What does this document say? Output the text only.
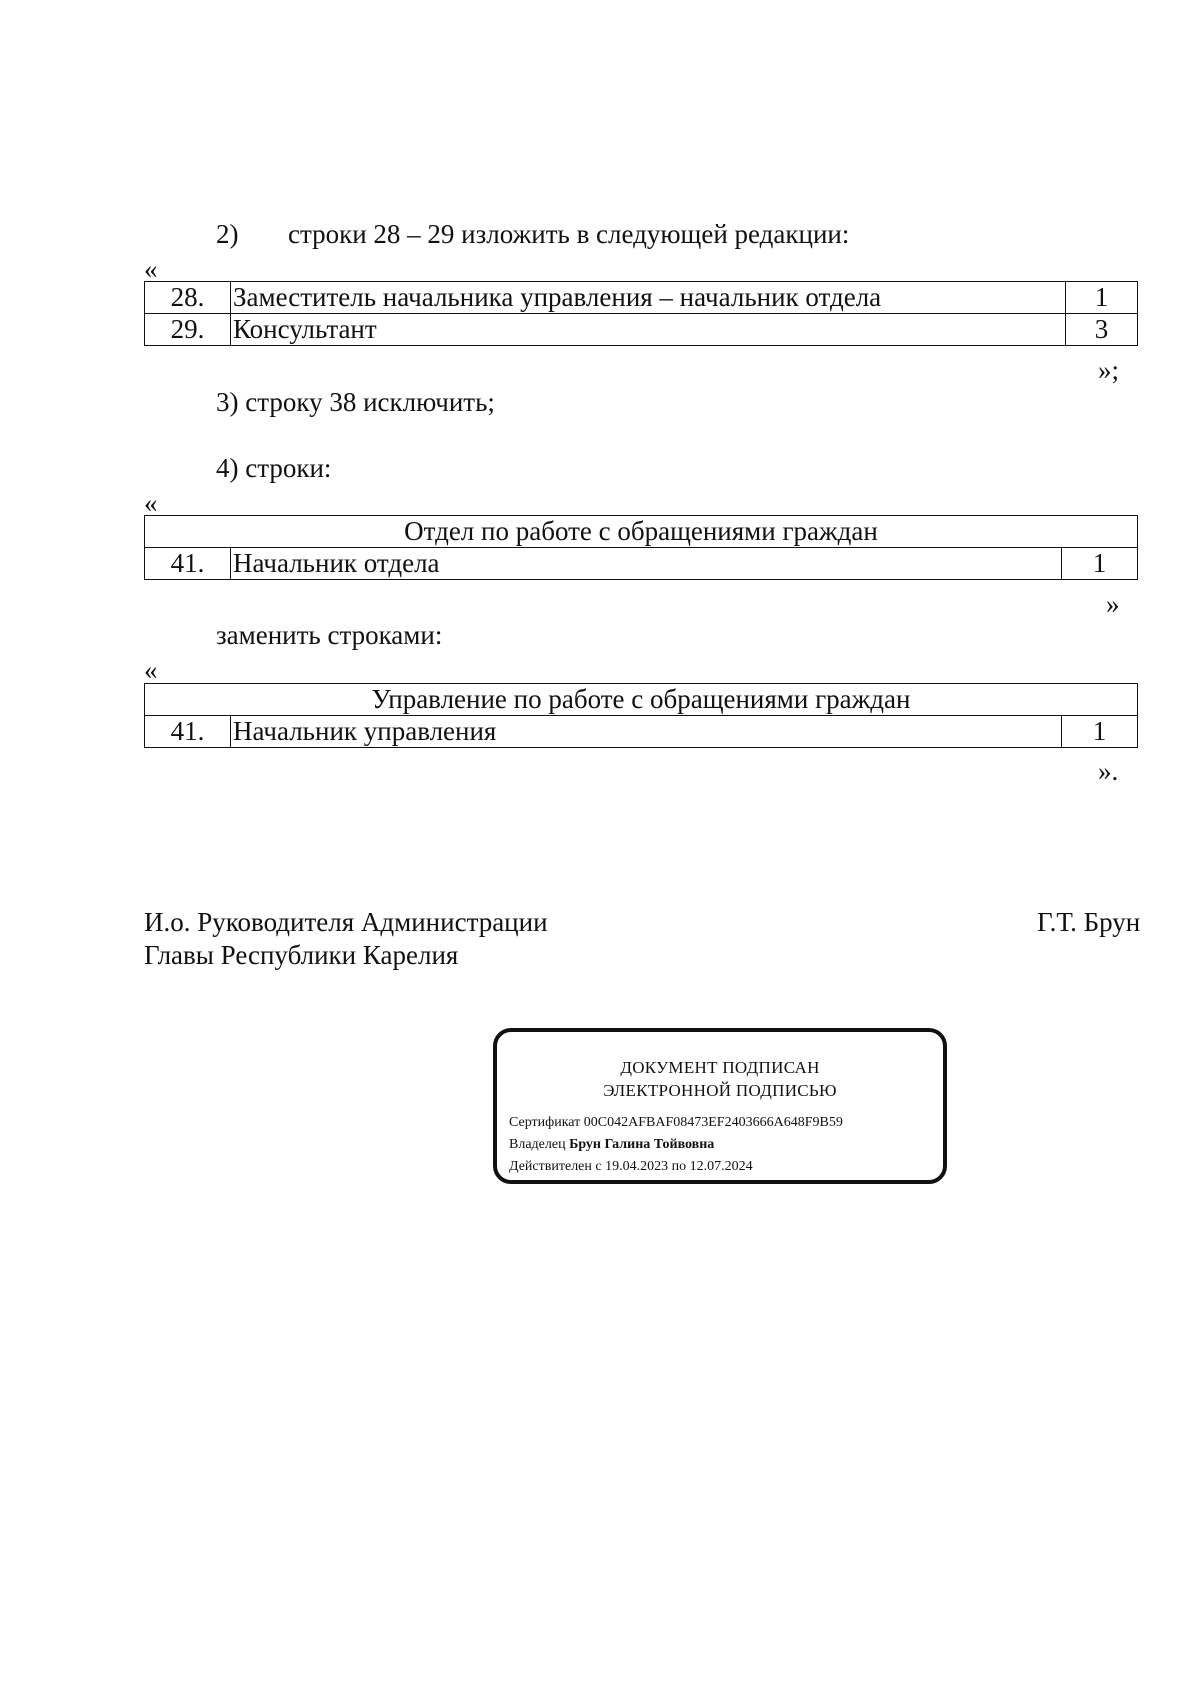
2) строки 28 – 29 изложить в следующей редакции:
«
28.	Заместитель начальника управления – начальник отдела	1
29.	Консультант	3
»;
3) строку 38 исключить;
4) строки:
«
Отдел по работе с обращениями граждан
41.	Начальник отдела	1
»
заменить строками:
«
Управление по работе с обращениями граждан
41.	Начальник управления	1
».
И.о. Руководителя Администрации
Главы Республики Карелия
Г.Т. Брун
ДОКУМЕНТ ПОДПИСАН
ЭЛЕКТРОННОЙ ПОДПИСЬЮ
Сертификат 00C042AFBAF08473EF2403666A648F9B59
Владелец Брун Галина Тойвовна
Действителен с 19.04.2023 по 12.07.2024
